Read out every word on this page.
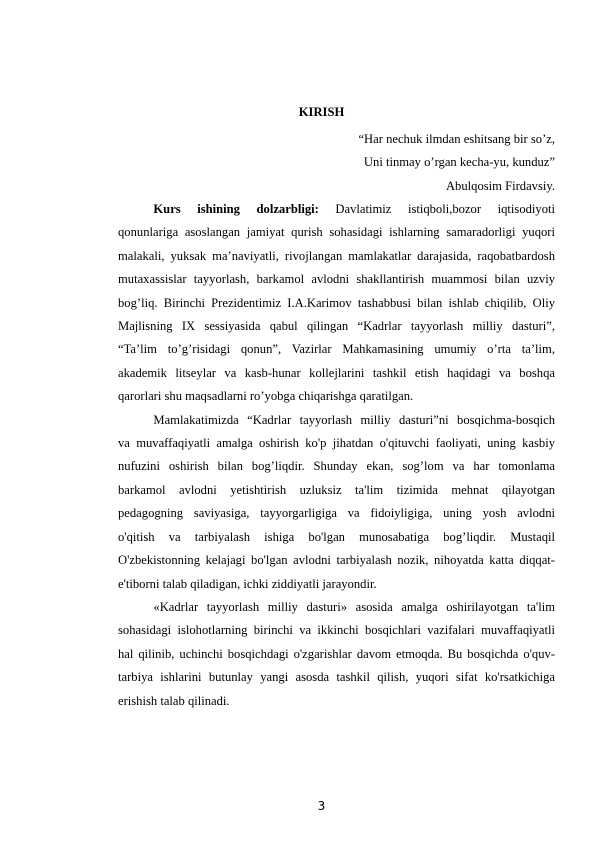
KIRISH
“Har nechuk ilmdan eshitsang bir so’z,
Uni tinmay o’rgan kecha-yu, kunduz”
Abulqosim Firdavsiy.
Kurs ishining dolzarbligi: Davlatimiz istiqboli,bozor iqtisodiyoti
qonunlariga asoslangan jamiyat qurish sohasidagi ishlarning samaradorligi yuqori
malakali, yuksak ma’naviyatli, rivojlangan mamlakatlar darajasida, raqobatbardosh
mutaxassislar tayyorlash, barkamol avlodni shakllantirish muammosi bilan uzviy
bog’liq. Birinchi Prezidentimiz I.A.Karimov tashabbusi bilan ishlab chiqilib, Oliy
Majlisning IX sessiyasida qabul qilingan “Kadrlar tayyorlash milliy dasturi”,
“Ta’lim to’g’risidagi qonun”, Vazirlar Mahkamasining umumiy o’rta ta’lim,
akademik litseylar va kasb-hunar kollejlarini tashkil etish haqidagi va boshqa
qarorlari shu maqsadlarni ro’yobga chiqarishga qaratilgan.
Mamlakatimizda “Kadrlar tayyorlash milliy dasturi”ni bosqichma-bosqich
va muvaffaqiyatli amalga oshirish ko'p jihatdan o'qituvchi faoliyati, uning kasbiy
nufuzini oshirish bilan bog’liqdir. Shunday ekan, sog’lom va har tomonlama
barkamol avlodni yetishtirish uzluksiz ta'lim tizimida mehnat qilayotgan
pedagogning saviyasiga, tayyorgarligiga va fidoiyligiga, uning yosh avlodni
o'qitish va tarbiyalash ishiga bo'lgan munosabatiga bog’liqdir. Mustaqil
O'zbekistonning kelajagi bo'lgan avlodni tarbiyalash nozik, nihoyatda katta diqqat-
e'tiborni talab qiladigan, ichki ziddiyatli jarayondir.
«Kadrlar tayyorlash milliy dasturi» asosida amalga oshirilayotgan ta'lim
sohasidagi islohotlarning birinchi va ikkinchi bosqichlari vazifalari muvaffaqiyatli
hal qilinib, uchinchi bosqichdagi o'zgarishlar davom etmoqda. Bu bosqichda o'quv-
tarbiya ishlarini butunlay yangi asosda tashkil qilish, yuqori sifat ko'rsatkichiga
erishish talab qilinadi.
3
